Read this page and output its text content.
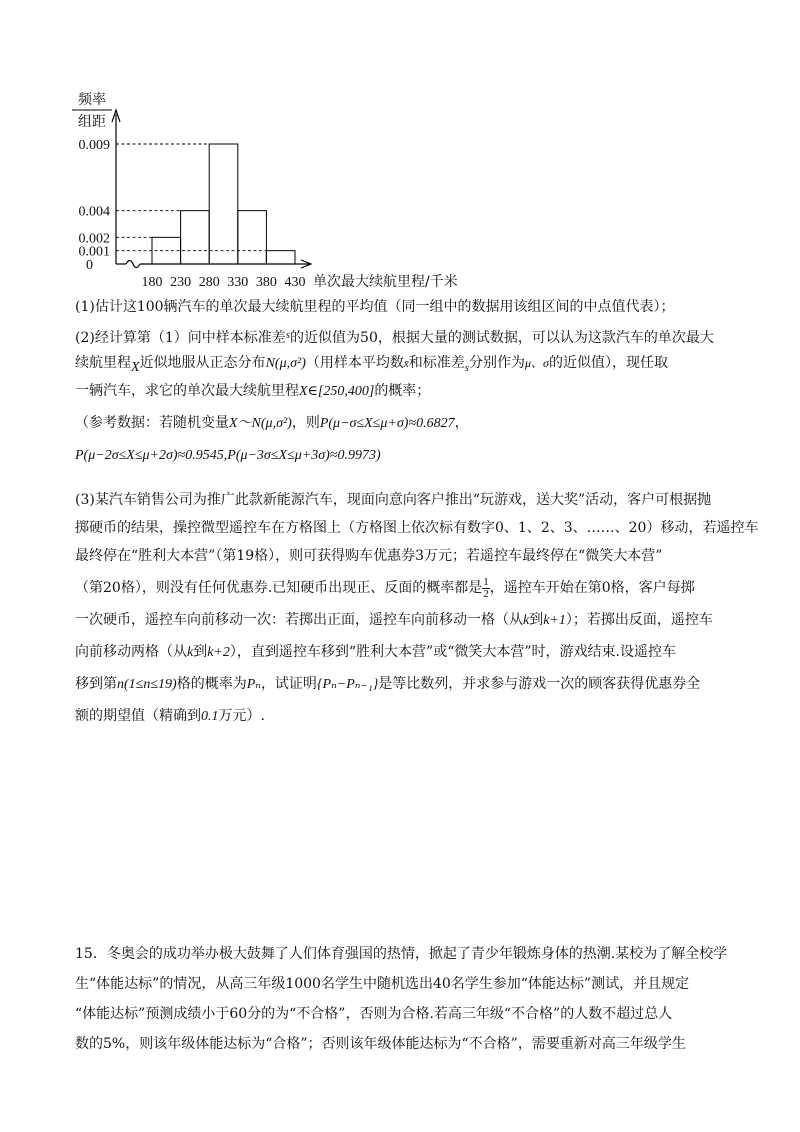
0.001
0.002
0.004
0.009
0
180 230 280 330 380 430 单次最大续航里程/千米
频率
组距
(1)估计这100辆汽车的单次最大续航里程的平均值（同一组中的数据用该组区间的中点值代表）；
(2)经计算第（1）问中样本标准差$^s$的近似值为50，根据大量的测试数据，可以认为这款汽车的单次最大
续航里程X近似地服从正态分布N(μ,σ²)（用样本平均数x̄和标准差$_s$分别作为μ、σ的近似值），现任取
一辆汽车，求它的单次最大续航里程X∈[250,400]的概率；
（参考数据：若随机变量X～N(μ,σ²)，则P(μ−σ≤X≤μ+σ)≈0.6827，
P(μ−2σ≤X≤μ+2σ)≈0.9545,P(μ−3σ≤X≤μ+3σ)≈0.9973)
(3)某汽车销售公司为推广此款新能源汽车，现面向意向客户推出“玩游戏，送大奖”活动，客户可根据抛
掷硬币的结果，操控微型遥控车在方格图上（方格图上依次标有数字0、1、2、3、……、20）移动，若遥控车
最终停在“胜利大本营”（第19格），则可获得购车优惠券3万元；若遥控车最终停在“微笑大本营”
（第20格），则没有任何优惠券.已知硬币出现正、反面的概率都是 $\frac{1}{2}$ ，遥控车开始在第0格，客户每掷
一次硬币，遥控车向前移动一次：若掷出正面，遥控车向前移动一格（从k到k+1）；若掷出反面，遥控车
向前移动两格（从k到k+2），直到遥控车移到“胜利大本营”或“微笑大本营”时，游戏结束.设遥控车
移到第n(1≤n≤19)格的概率为Pₙ，试证明{Pₙ−Pₙ₋₁}是等比数列，并求参与游戏一次的顾客获得优惠券全
额的期望值（精确到0.1万元）.
15．冬奥会的成功举办极大鼓舞了人们体育强国的热情，掀起了青少年锻炼身体的热潮.某校为了解全校学
生“体能达标”的情况，从高三年级1000名学生中随机选出40名学生参加“体能达标”测试，并且规定
“体能达标”预测成绩小于60分的为“不合格”，否则为合格.若高三年级“不合格”的人数不超过总人
数的5%，则该年级体能达标为“合格”；否则该年级体能达标为“不合格”，需要重新对高三年级学生
